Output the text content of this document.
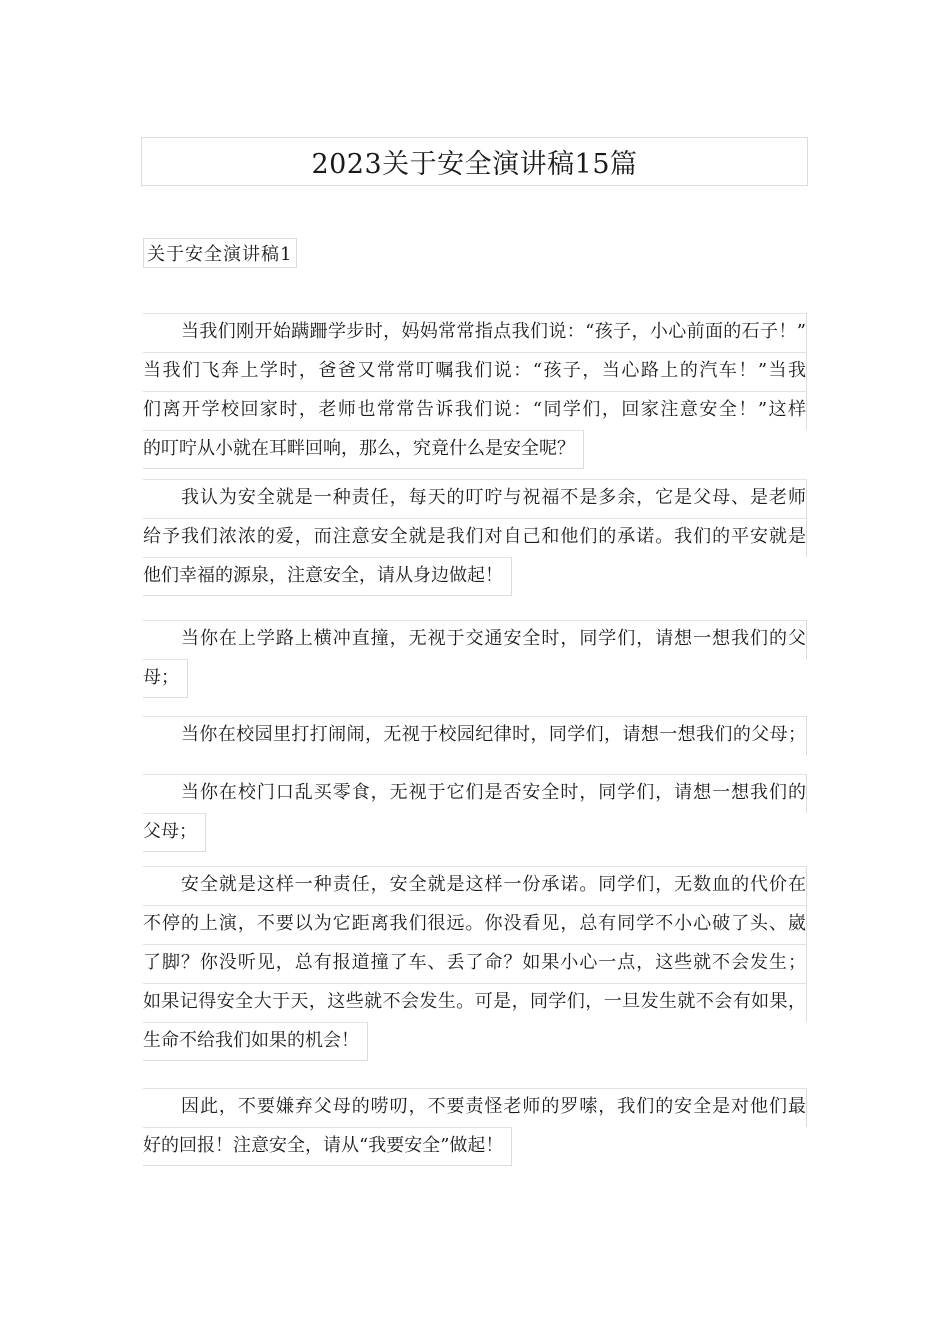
2023关于安全演讲稿15篇
关于安全演讲稿1
当我们刚开始蹒跚学步时，妈妈常常指点我们说：“孩子，小心前面的石子！”
当我们飞奔上学时，爸爸又常常叮嘱我们说：“孩子，当心路上的汽车！”当我
们离开学校回家时，老师也常常告诉我们说：“同学们，回家注意安全！”这样
的叮咛从小就在耳畔回响，那么，究竟什么是安全呢？
我认为安全就是一种责任，每天的叮咛与祝福不是多余，它是父母、是老师
给予我们浓浓的爱，而注意安全就是我们对自己和他们的承诺。我们的平安就是
他们幸福的源泉，注意安全，请从身边做起！
当你在上学路上横冲直撞，无视于交通安全时，同学们，请想一想我们的父
母；
当你在校园里打打闹闹，无视于校园纪律时，同学们，请想一想我们的父母；
当你在校门口乱买零食，无视于它们是否安全时，同学们，请想一想我们的
父母；
安全就是这样一种责任，安全就是这样一份承诺。同学们，无数血的代价在
不停的上演，不要以为它距离我们很远。你没看见，总有同学不小心破了头、崴
了脚？你没听见，总有报道撞了车、丢了命？如果小心一点，这些就不会发生；
如果记得安全大于天，这些就不会发生。可是，同学们，一旦发生就不会有如果，
生命不给我们如果的机会！
因此，不要嫌弃父母的唠叨，不要责怪老师的罗嗦，我们的安全是对他们最
好的回报！注意安全，请从“我要安全”做起！
